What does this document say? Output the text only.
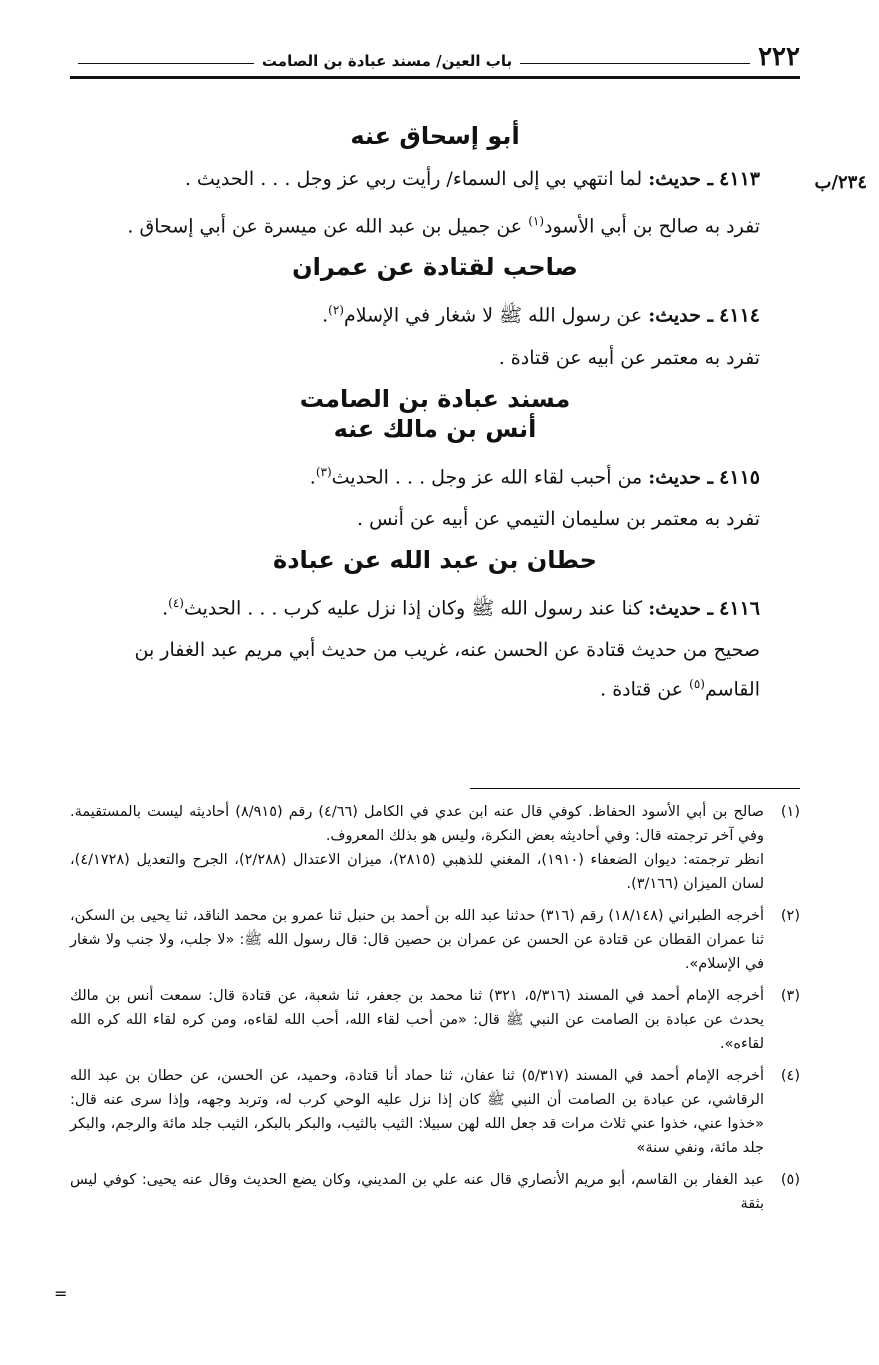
٢٢٢
باب العين/ مسند عبادة بن الصامت
٢٣٤/ب
أبو إسحاق عنه
٤١١٣ ـ حديث: لما انتهي بي إلى السماء/ رأيت ربي عز وجل . . . الحديث .
تفرد به صالح بن أبي الأسود$^{(١)}$ عن جميل بن عبد الله عن ميسرة عن أبي إسحاق .
صاحب لقتادة عن عمران
٤١١٤ ـ حديث: عن رسول الله ﷺ لا شغار في الإسلام$^{(٢)}$.
تفرد به معتمر عن أبيه عن قتادة .
مسند عبادة بن الصامت
أنس بن مالك عنه
٤١١٥ ـ حديث: من أحبب لقاء الله عز وجل . . . الحديث$^{(٣)}$.
تفرد به معتمر بن سليمان التيمي عن أبيه عن أنس .
حطان بن عبد الله عن عبادة
٤١١٦ ـ حديث: كنا عند رسول الله ﷺ وكان إذا نزل عليه كرب . . . الحديث$^{(٤)}$.
صحيح من حديث قتادة عن الحسن عنه، غريب من حديث أبي مريم عبد الغفار بن القاسم$^{(٥)}$ عن قتادة .
(١)
صالح بن أبي الأسود الحفاظ. كوفي قال عنه ابن عدي في الكامل (٤/٦٦) رقم (٨/٩١٥) أحاديثه ليست بالمستقيمة. وفي آخر ترجمته قال: وفي أحاديثه بعض النكرة، وليس هو بذلك المعروف.
انظر ترجمته: ديوان الضعفاء (١٩١٠)، المغني للذهبي (٢٨١٥)، ميزان الاعتدال (٢/٢٨٨)، الجرح والتعديل (٤/١٧٢٨)، لسان الميزان (٣/١٦٦).
(٢)
أخرجه الطبراني (١٨/١٤٨) رقم (٣١٦) حدثنا عبد الله بن أحمد بن حنبل ثنا عمرو بن محمد الناقد، ثنا يحيى بن السكن، ثنا عمران القطان عن قتادة عن الحسن عن عمران بن حصين قال: قال رسول الله ﷺ: «لا جلب، ولا جنب ولا شغار في الإسلام».
(٣)
أخرجه الإمام أحمد في المسند (٥/٣١٦، ٣٢١) ثنا محمد بن جعفر، ثنا شعبة، عن قتادة قال: سمعت أنس بن مالك يحدث عن عبادة بن الصامت عن النبي ﷺ قال: «من أحب لقاء الله، أحب الله لقاءه، ومن كره لقاء الله كره الله لقاءه».
(٤)
أخرجه الإمام أحمد في المسند (٥/٣١٧) ثنا عفان، ثنا حماد أنا قتادة، وحميد، عن الحسن، عن حطان بن عبد الله الرقاشي، عن عبادة بن الصامت أن النبي ﷺ كان إذا نزل عليه الوحي كرب له، وتربد وجهه، وإذا سرى عنه قال: «خذوا عني، خذوا عني ثلاث مرات قد جعل الله لهن سبيلا: الثيب بالثيب، والبكر بالبكر، الثيب جلد مائة والرجم، والبكر جلد مائة، ونفي سنة»
(٥)
عبد الغفار بن القاسم، أبو مريم الأنصاري قال عنه علي بن المديني، وكان يضع الحديث وقال عنه يحيى: كوفي ليس بثقة
=
